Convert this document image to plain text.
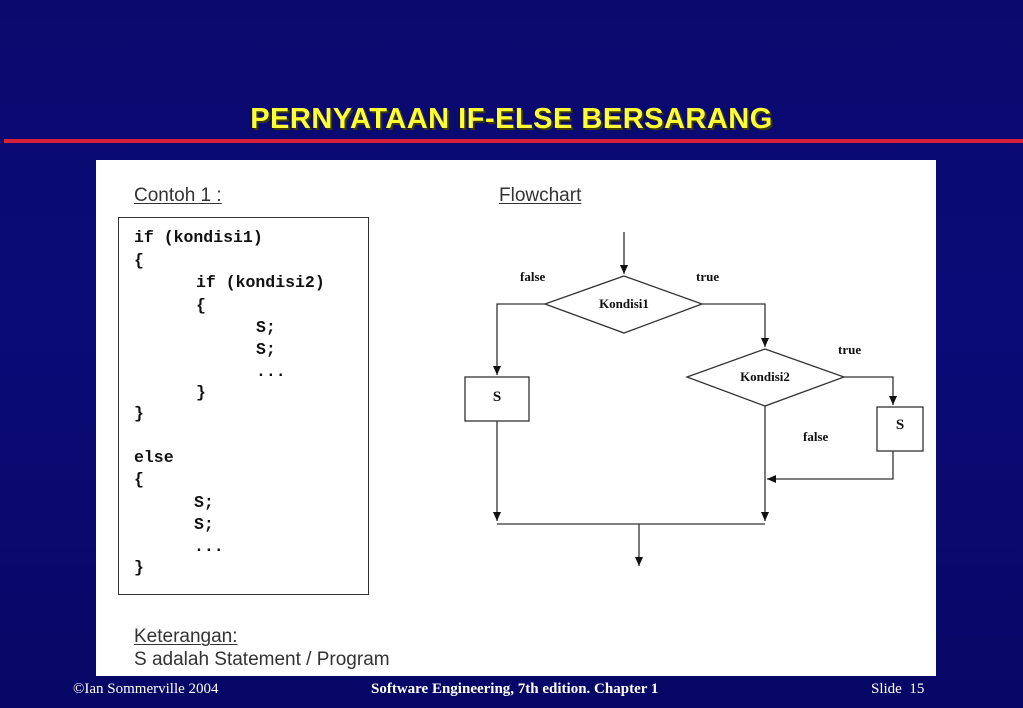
PERNYATAAN IF-ELSE BERSARANG
Contoh 1 :	Flowchart
if (kondisi1)
{
if (kondisi2)
{
S;
S;
...
}
}
else
{
S;
S;
...
}
Keterangan:
S adalah Statement / Program
Kondisi1
Kondisi2
S
S
false	true
true
false
©Ian Sommerville 2004	Software Engineering, 7th edition. Chapter 1	Slide 15
